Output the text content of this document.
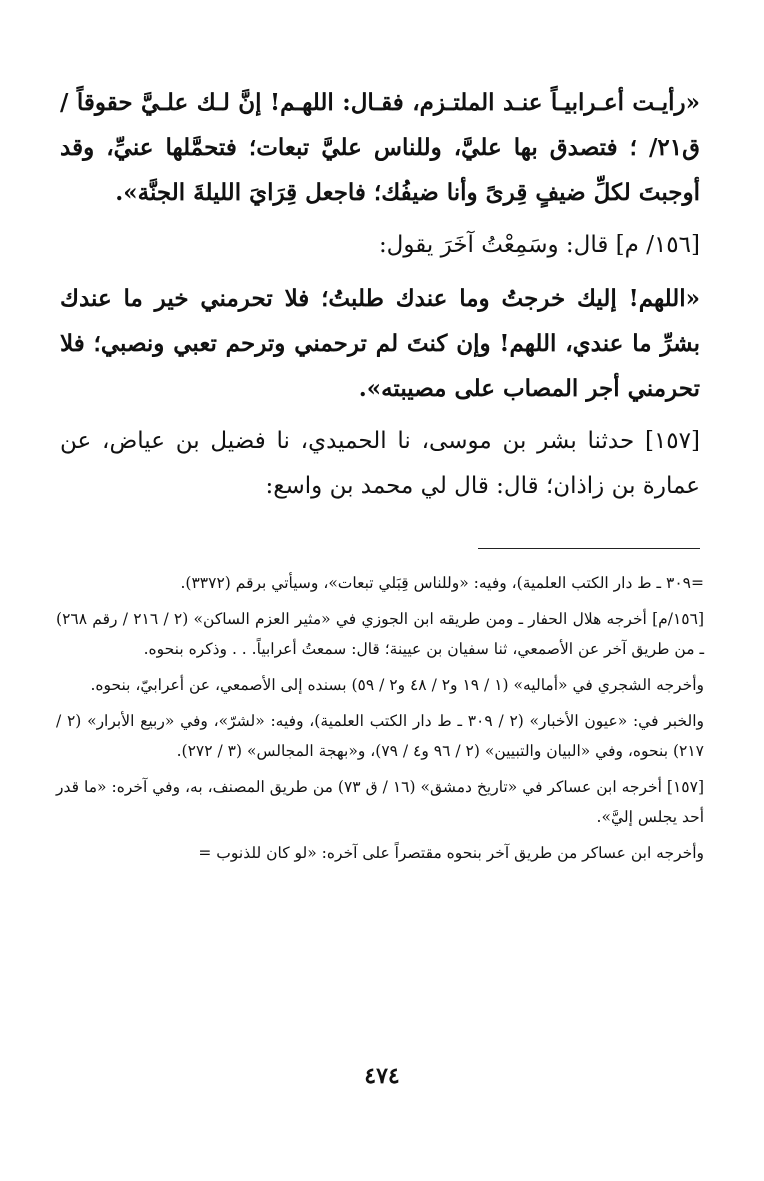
«رأيـت أعـرابيـاً عنـد الملتـزم، فقـال: اللهـم! إنَّ لـك علـيَّ حقوقاً / ق٢١/ ؛ فتصدق بها عليَّ، وللناس عليَّ تبعات؛ فتحمَّلها عنيِّ، وقد أوجبتَ لكلِّ ضيفٍ قِرىً وأنا ضيفُك؛ فاجعل قِرَايَ الليلةَ الجنَّة».

[١٥٦/ م] قال: وسَمِعْتُ آخَرَ يقول:

«اللهم! إليك خرجتُ وما عندك طلبتُ؛ فلا تحرمني خير ما عندك بشرِّ ما عندي، اللهم! وإن كنتَ لم ترحمني وترحم تعبي ونصبي؛ فلا تحرمني أجر المصاب على مصيبته».

[١٥٧] حدثنا بشر بن موسى، نا الحميدي، نا فضيل بن عياض، عن عمارة بن زاذان؛ قال: قال لي محمد بن واسع:

=٣٠٩ ـ ط دار الكتب العلمية)، وفيه: «وللناس قِبَلي تبعات»، وسيأتي برقم (٣٣٧٢).

[١٥٦/م] أخرجه هلال الحفار ـ ومن طريقه ابن الجوزي في «مثير العزم الساكن» (٢ / ٢١٦ / رقم ٢٦٨) ـ من طريق آخر عن الأصمعي، ثنا سفيان بن عيينة؛ قال: سمعتُ أعرابياً. . . وذكره بنحوه.

وأخرجه الشجري في «أماليه» (١ / ١٩ و٢ / ٤٨ و٢ / ٥٩) بسنده إلى الأصمعي، عن أعرابيّ، بنحوه.

والخبر في: «عيون الأخبار» (٢ / ٣٠٩ ـ ط دار الكتب العلمية)، وفيه: «لشرّ»، وفي «ربيع الأبرار» (٢ / ٢١٧) بنحوه، وفي «البيان والتبيين» (٢ / ٩٦ و٤ / ٧٩)، و«بهجة المجالس» (٣ / ٢٧٢).

[١٥٧] أخرجه ابن عساكر في «تاريخ دمشق» (١٦ / ق ٧٣) من طريق المصنف، به، وفي آخره: «ما قدر أحد يجلس إليَّ».

وأخرجه ابن عساكر من طريق آخر بنحوه مقتصراً على آخره: «لو كان للذنوب =

٤٧٤
